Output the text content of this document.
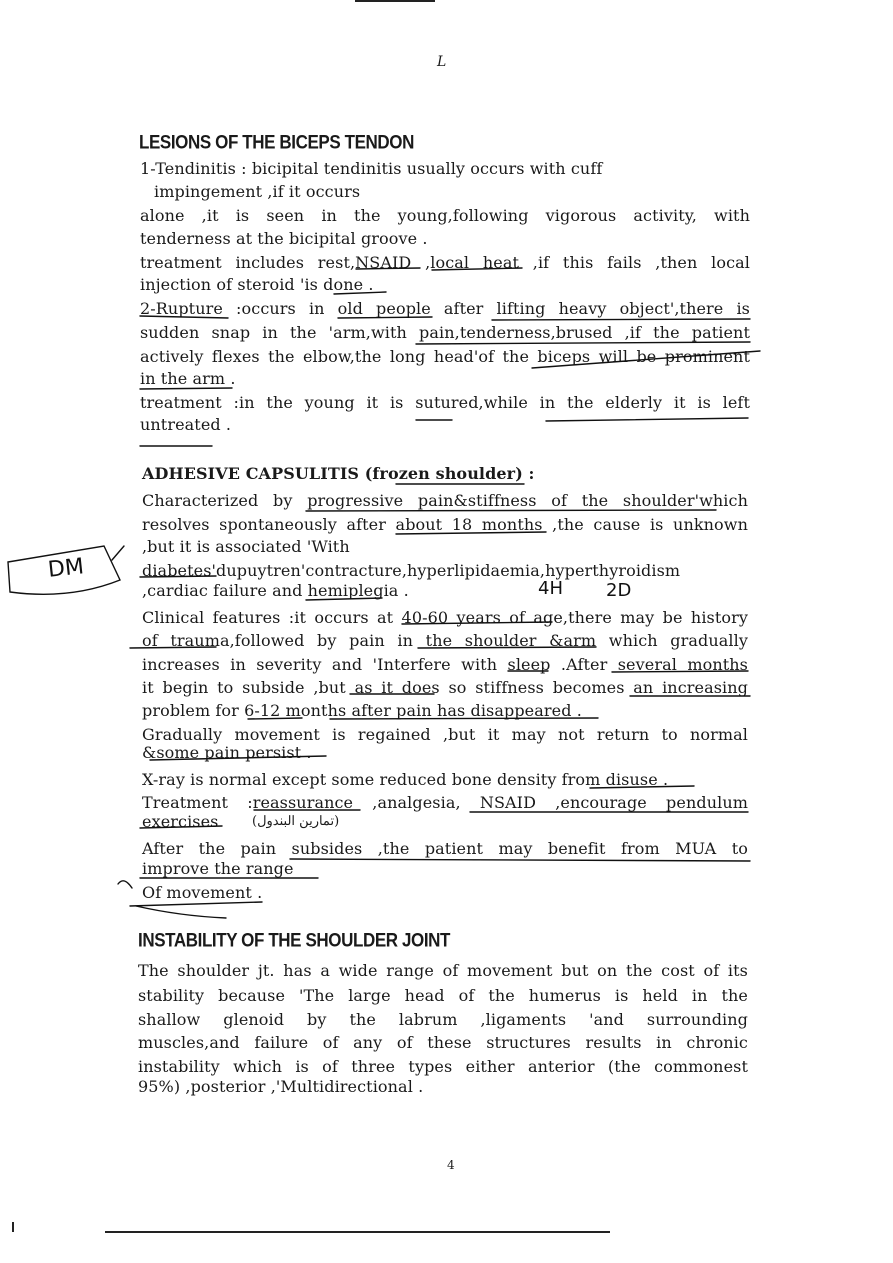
L
LESIONS OF THE BICEPS TENDON
1-Tendinitis : bicipital tendinitis usually occurs with cuff
impingement ,if it occurs
alone ,it is seen in the young,following vigorous activity, with
tenderness at the bicipital groove .
treatment includes rest,NSAID ,local heat ,if this fails ,then local
injection of steroid 'is done .
2-Rupture :occurs in old people after lifting heavy object',there is
sudden snap in the 'arm,with pain,tenderness,brused ,if the patient
actively flexes the elbow,the long head'of the biceps will be prominent
in the arm .
treatment :in the young it is sutured,while in the elderly it is left
untreated .
ADHESIVE CAPSULITIS (frozen shoulder) :
Characterized by progressive pain&stiffness of the shoulder'which
resolves spontaneously after about 18 months ,the cause is unknown
,but it is associated 'With
diabetes'dupuytren'contracture,hyperlipidaemia,hyperthyroidism
,cardiac failure and hemiplegia .
Clinical features :it occurs at 40-60 years of age,there may be history
of trauma,followed by pain in the shoulder &arm which gradually
increases in severity and 'Interfere with sleep .After several months
it begin to subside ,but as it does so stiffness becomes an increasing
problem for 6-12 months after pain has disappeared .
Gradually movement is regained ,but it may not return to normal
&some pain persist .
X-ray is normal except some reduced bone density from disuse .
Treatment :reassurance ,analgesia, NSAID ,encourage pendulum
exercises	(تمارين البندول)
After the pain subsides ,the patient may benefit from MUA to
improve the range
Of movement .
INSTABILITY OF THE SHOULDER JOINT
The shoulder jt. has a wide range of movement but on the cost of its
stability because 'The large head of the humerus is held in the
shallow glenoid by the labrum ,ligaments 'and surrounding
muscles,and failure of any of these structures results in chronic
instability which is of three types either anterior (the commonest
95%) ,posterior ,'Multidirectional .
DM
4H 2D
4
